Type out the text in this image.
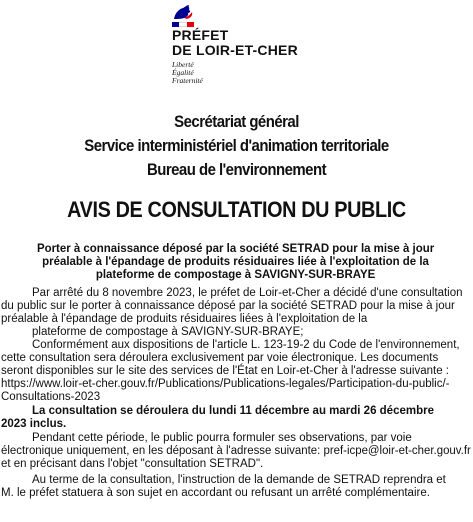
PRÉFET
DE LOIR-ET-CHER
Liberté
Égalité
Fraternité
Secrétariat général
Service interministériel d'animation territoriale
Bureau de l'environnement
AVIS DE CONSULTATION DU PUBLIC
Porter à connaissance déposé par la société SETRAD pour la mise à jour
préalable à l'épandage de produits résiduaires liée à l'exploitation de la
plateforme de compostage à SAVIGNY-SUR-BRAYE
Par arrêté du 8 novembre 2023, le préfet de Loir-et-Cher a décidé d'une consultation
du public sur le porter à connaissance déposé par la société SETRAD pour la mise à jour
préalable à l'épandage de produits résiduaires liées à l'exploitation de la
plateforme de compostage à SAVIGNY-SUR-BRAYE;
Conformément aux dispositions de l'article L. 123-19-2 du Code de l'environnement,
cette consultation sera déroulera exclusivement par voie électronique. Les documents
seront disponibles sur le site des services de l'État en Loir-et-Cher à l'adresse suivante :
https://www.loir-et-cher.gouv.fr/Publications/Publications-legales/Participation-du-public/-
Consultations-2023
La consultation se déroulera du lundi 11 décembre au mardi 26 décembre
2023 inclus.
Pendant cette période, le public pourra formuler ses observations, par voie
électronique uniquement, en les déposant à l'adresse suivante: pref-icpe@loir-et-cher.gouv.fr
et en précisant dans l'objet "consultation SETRAD".
Au terme de la consultation, l'instruction de la demande de SETRAD reprendra et
M. le préfet statuera à son sujet en accordant ou refusant un arrêté complémentaire.
